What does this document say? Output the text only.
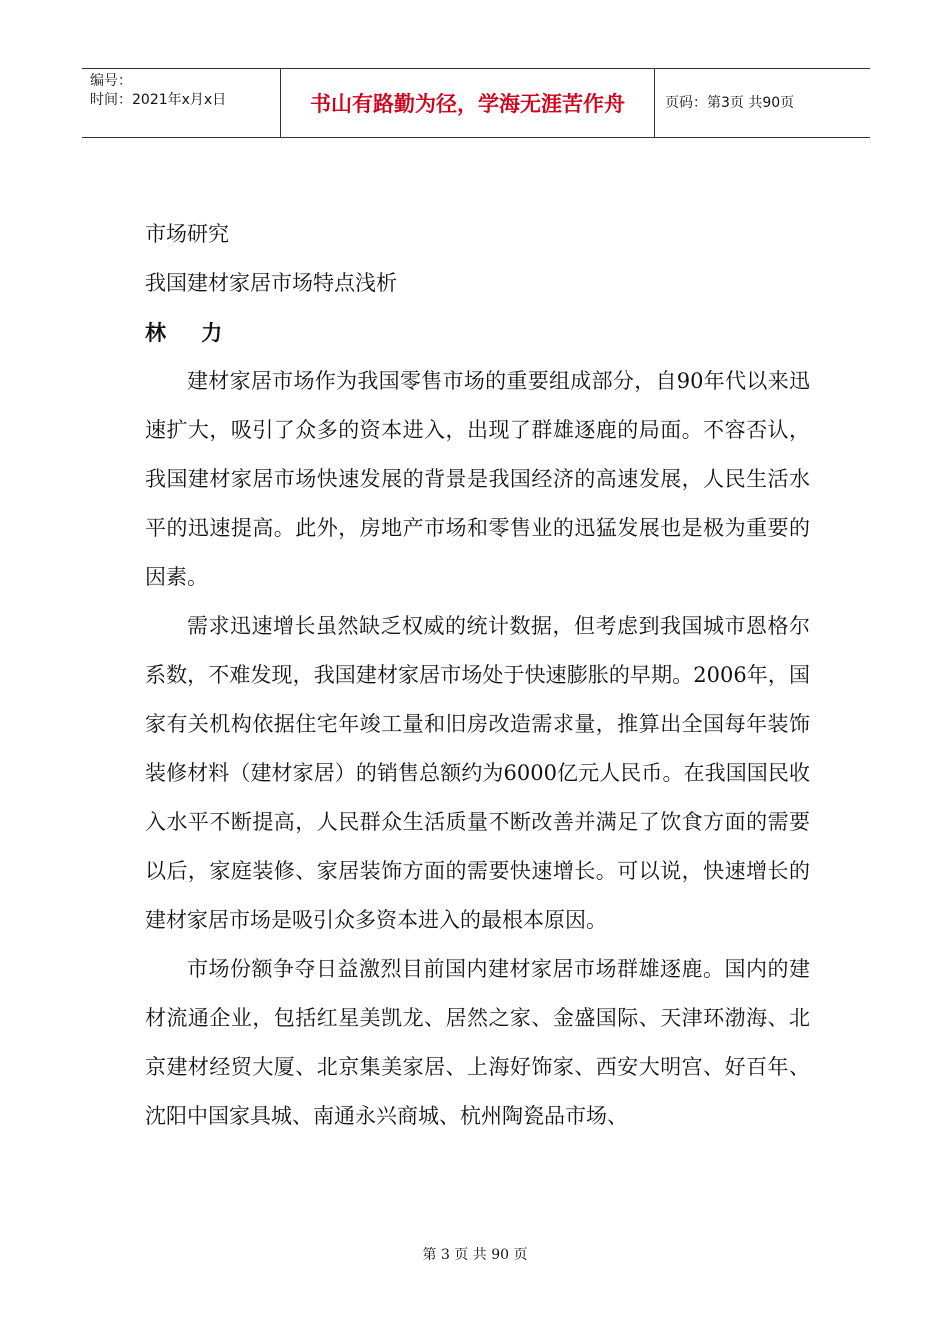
编号：
时间：2021年x月x日	书山有路勤为径，学海无涯苦作舟	页码：第3页 共90页
市场研究
我国建材家居市场特点浅析
林 力

建材家居市场作为我国零售市场的重要组成部分，自90年代以来迅速扩大，吸引了众多的资本进入，出现了群雄逐鹿的局面。不容否认，我国建材家居市场快速发展的背景是我国经济的高速发展，人民生活水平的迅速提高。此外，房地产市场和零售业的迅猛发展也是极为重要的因素。

需求迅速增长虽然缺乏权威的统计数据，但考虑到我国城市恩格尔系数，不难发现，我国建材家居市场处于快速膨胀的早期。2006年，国家有关机构依据住宅年竣工量和旧房改造需求量，推算出全国每年装饰装修材料（建材家居）的销售总额约为6000亿元人民币。在我国国民收入水平不断提高，人民群众生活质量不断改善并满足了饮食方面的需要以后，家庭装修、家居装饰方面的需要快速增长。可以说，快速增长的建材家居市场是吸引众多资本进入的最根本原因。

市场份额争夺日益激烈目前国内建材家居市场群雄逐鹿。国内的建材流通企业，包括红星美凯龙、居然之家、金盛国际、天津环渤海、北京建材经贸大厦、北京集美家居、上海好饰家、西安大明宫、好百年、沈阳中国家具城、南通永兴商城、杭州陶瓷品市场、

第 3 页 共 90 页
